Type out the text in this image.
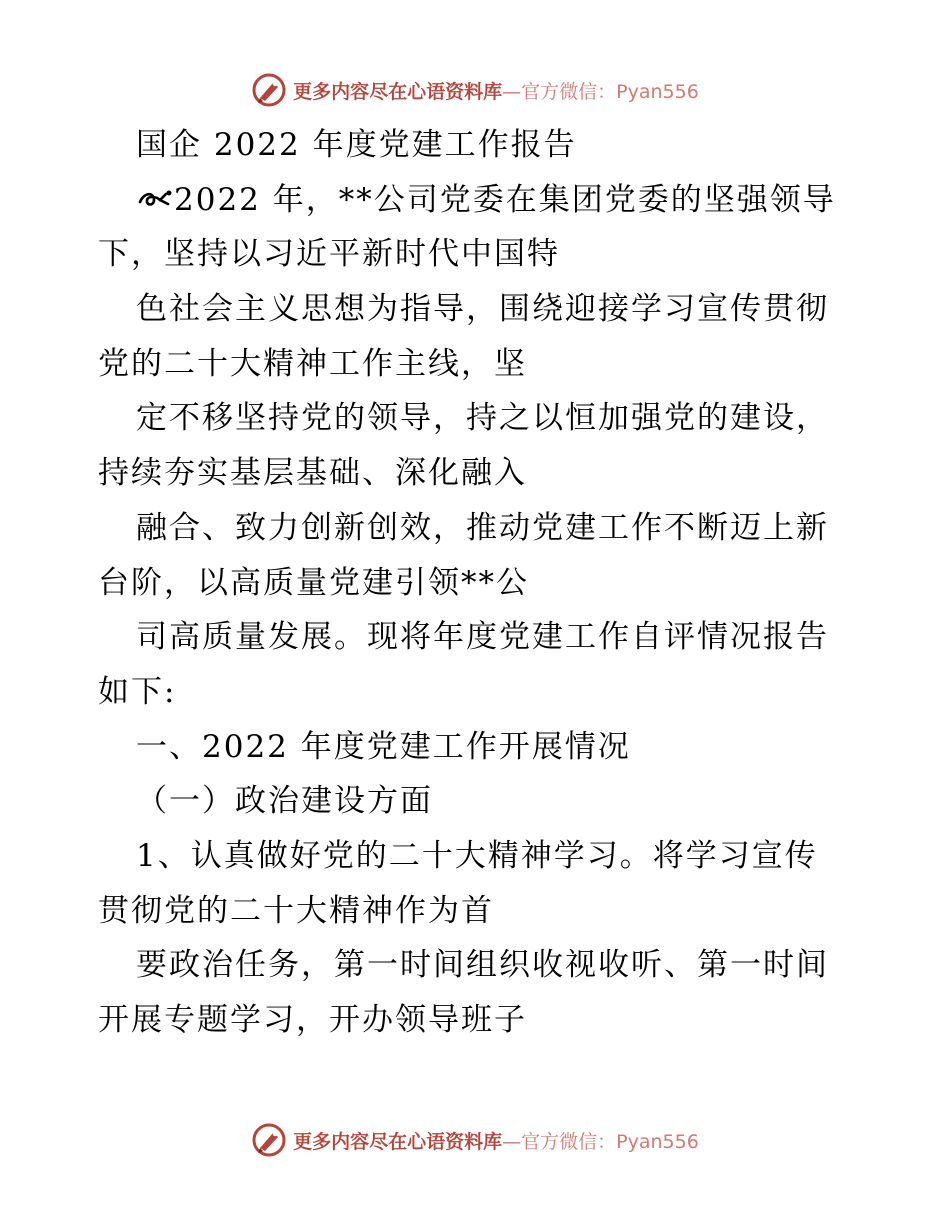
更多内容尽在心语资料库—官方微信：Pyan556
国企 2022 年度党建工作报告
2022 年，**公司党委在集团党委的坚强领导
下，坚持以习近平新时代中国特
色社会主义思想为指导，围绕迎接学习宣传贯彻
党的二十大精神工作主线，坚
定不移坚持党的领导，持之以恒加强党的建设，
持续夯实基层基础、深化融入
融合、致力创新创效，推动党建工作不断迈上新
台阶，以高质量党建引领**公
司高质量发展。现将年度党建工作自评情况报告
如下:
一、2022 年度党建工作开展情况
（一）政治建设方面
1、认真做好党的二十大精神学习。将学习宣传
贯彻党的二十大精神作为首
要政治任务，第一时间组织收视收听、第一时间
开展专题学习，开办领导班子
更多内容尽在心语资料库—官方微信：Pyan556
